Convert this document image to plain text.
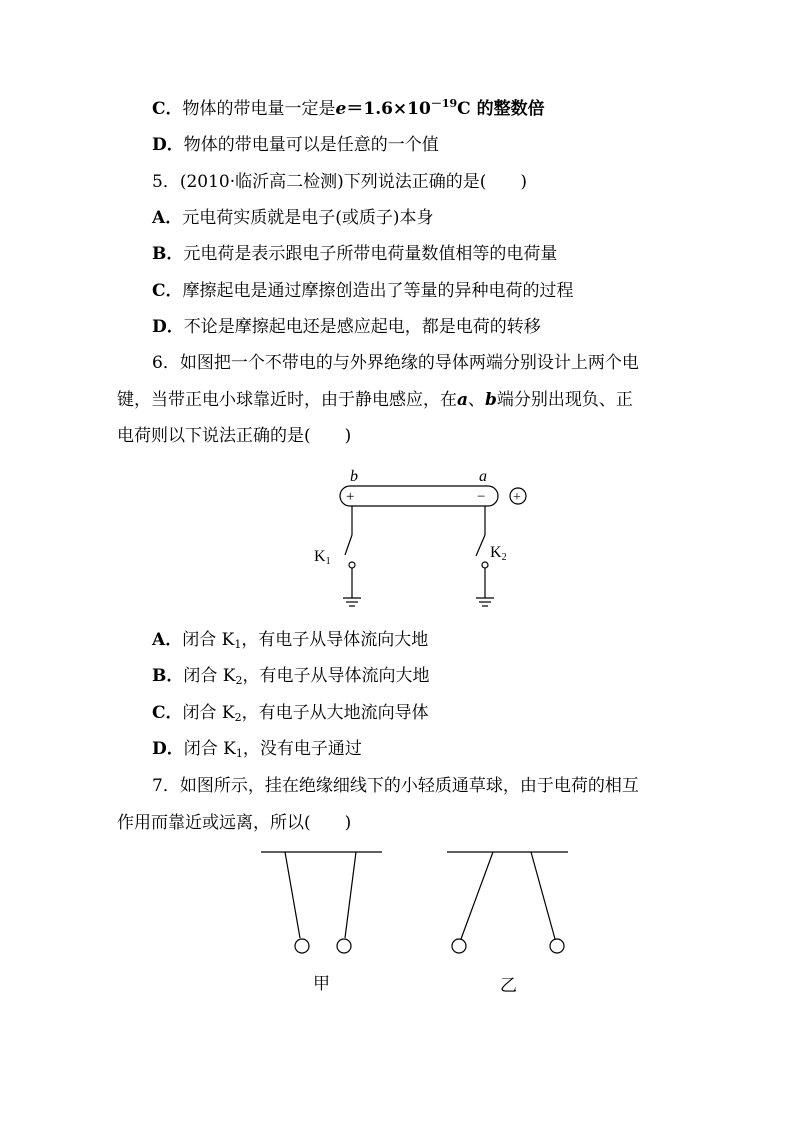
C．物体的带电量一定是$e=1.6\times 10^{-19}C$ 的整数倍
D．物体的带电量可以是任意的一个值
5．(2010·临沂高二检测)下列说法正确的是(　　)
A．元电荷实质就是电子(或质子)本身
B．元电荷是表示跟电子所带电荷量数值相等的电荷量
C．摩擦起电是通过摩擦创造出了等量的异种电荷的过程
D．不论是摩擦起电还是感应起电，都是电荷的转移
6．如图把一个不带电的与外界绝缘的导体两端分别设计上两个电
键，当带正电小球靠近时，由于静电感应，在a、b端分别出现负、正
电荷则以下说法正确的是(　　)
b	a
+	− +
K1
K2
A．闭合 $K_1$，有电子从导体流向大地
B．闭合 $K_2$，有电子从导体流向大地
C．闭合 $K_2$，有电子从大地流向导体
D．闭合 $K_1$，没有电子通过
7．如图所示，挂在绝缘细线下的小轻质通草球，由于电荷的相互
作用而靠近或远离，所以(　　)
甲	乙
